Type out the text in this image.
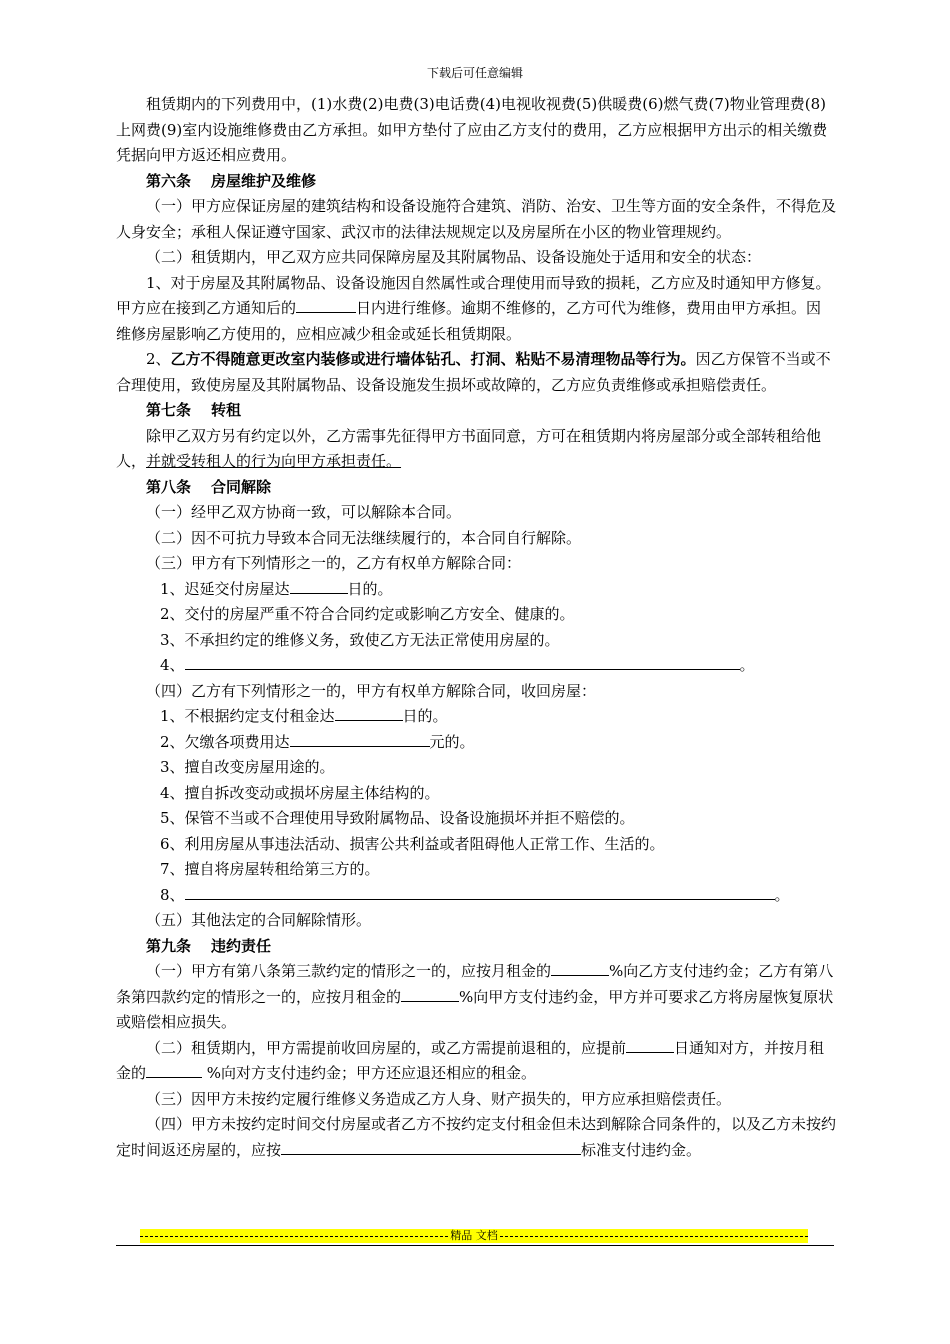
下载后可任意编辑

租赁期内的下列费用中，(1)水费(2)电费(3)电话费(4)电视收视费(5)供暖费(6)燃气费(7)物业管理费(8)上网费(9)室内设施维修费由乙方承担。如甲方垫付了应由乙方支付的费用，乙方应根据甲方出示的相关缴费凭据向甲方返还相应费用。

第六条 房屋维护及维修

（一）甲方应保证房屋的建筑结构和设备设施符合建筑、消防、治安、卫生等方面的安全条件，不得危及人身安全；承租人保证遵守国家、武汉市的法律法规规定以及房屋所在小区的物业管理规约。

（二）租赁期内，甲乙双方应共同保障房屋及其附属物品、设备设施处于适用和安全的状态：

1、对于房屋及其附属物品、设备设施因自然属性或合理使用而导致的损耗，乙方应及时通知甲方修复。甲方应在接到乙方通知后的	日内进行维修。逾期不维修的，乙方可代为维修，费用由甲方承担。因维修房屋影响乙方使用的，应相应减少租金或延长租赁期限。

2、乙方不得随意更改室内装修或进行墙体钻孔、打洞、粘贴不易清理物品等行为。因乙方保管不当或不合理使用，致使房屋及其附属物品、设备设施发生损坏或故障的，乙方应负责维修或承担赔偿责任。

第七条 转租

除甲乙双方另有约定以外，乙方需事先征得甲方书面同意，方可在租赁期内将房屋部分或全部转租给他人，并就受转租人的行为向甲方承担责任。

第八条 合同解除

（一）经甲乙双方协商一致，可以解除本合同。

（二）因不可抗力导致本合同无法继续履行的，本合同自行解除。

（三）甲方有下列情形之一的，乙方有权单方解除合同：

1、迟延交付房屋达	日的。

2、交付的房屋严重不符合合同约定或影响乙方安全、健康的。

3、不承担约定的维修义务，致使乙方无法正常使用房屋的。

4、	。

（四）乙方有下列情形之一的，甲方有权单方解除合同，收回房屋：

1、不根据约定支付租金达	日的。

2、欠缴各项费用达	元的。

3、擅自改变房屋用途的。

4、擅自拆改变动或损坏房屋主体结构的。

5、保管不当或不合理使用导致附属物品、设备设施损坏并拒不赔偿的。

6、利用房屋从事违法活动、损害公共利益或者阻碍他人正常工作、生活的。

7、擅自将房屋转租给第三方的。

8、	。

（五）其他法定的合同解除情形。

第九条 违约责任

（一）甲方有第八条第三款约定的情形之一的，应按月租金的	%向乙方支付违约金；乙方有第八条第四款约定的情形之一的，应按月租金的	%向甲方支付违约金，甲方并可要求乙方将房屋恢复原状或赔偿相应损失。

（二）租赁期内，甲方需提前收回房屋的，或乙方需提前退租的，应提前	日通知对方，并按月租金的	%向对方支付违约金；甲方还应退还相应的租金。

（三）因甲方未按约定履行维修义务造成乙方人身、财产损失的，甲方应承担赔偿责任。

（四）甲方未按约定时间交付房屋或者乙方不按约定支付租金但未达到解除合同条件的，以及乙方未按约定时间返还房屋的，应按	标准支付违约金。

精品 文档
